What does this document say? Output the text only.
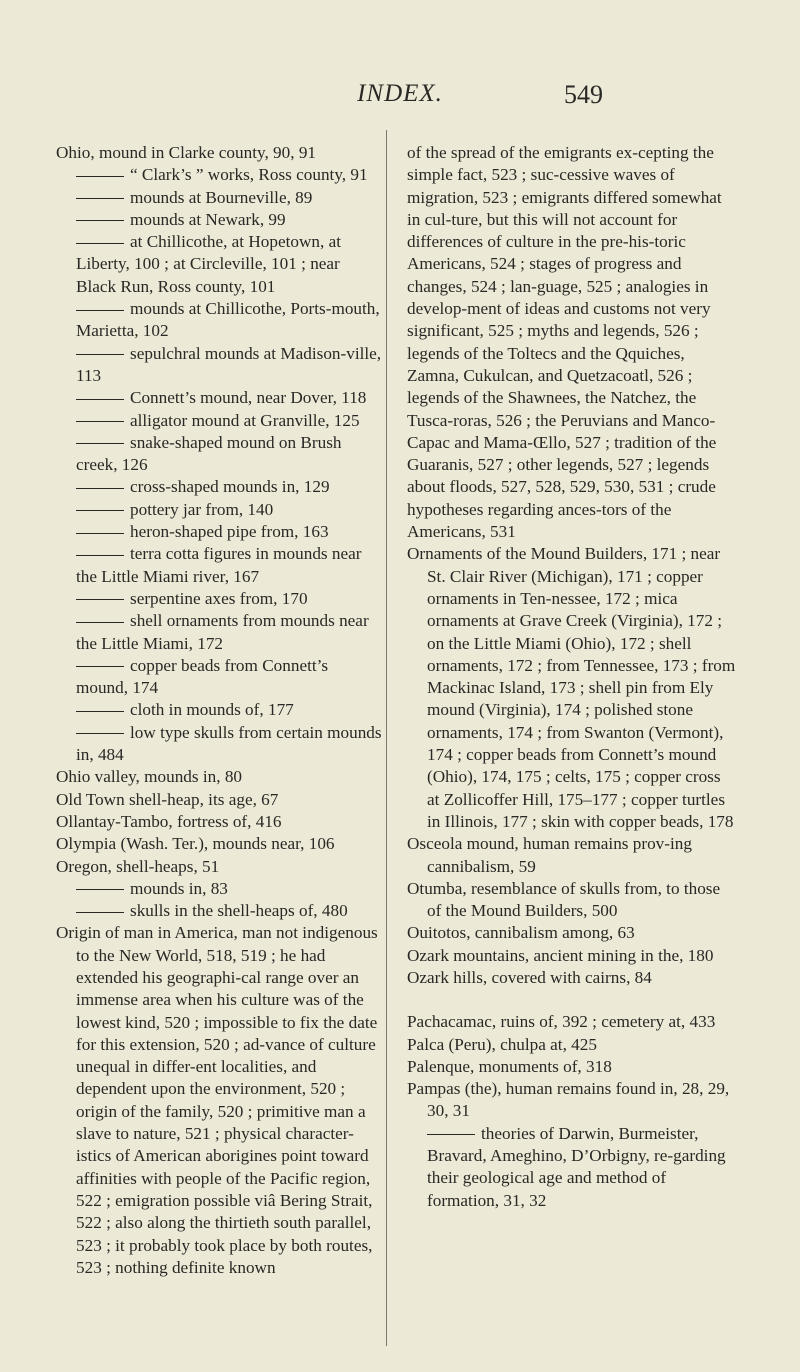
INDEX.	549

Ohio, mound in Clarke county, 90, 91

“ Clark’s ” works, Ross county, 91

mounds at Bourneville, 89

mounds at Newark, 99

at Chillicothe, at Hopetown, at Liberty, 100 ; at Circleville, 101 ; near Black Run, Ross county, 101

mounds at Chillicothe, Ports-mouth, Marietta, 102

sepulchral mounds at Madison-ville, 113

Connett’s mound, near Dover, 118

alligator mound at Granville, 125

snake-shaped mound on Brush creek, 126

cross-shaped mounds in, 129

pottery jar from, 140

heron-shaped pipe from, 163

terra cotta figures in mounds near the Little Miami river, 167

serpentine axes from, 170

shell ornaments from mounds near the Little Miami, 172

copper beads from Connett’s mound, 174

cloth in mounds of, 177

low type skulls from certain mounds in, 484

Ohio valley, mounds in, 80

Old Town shell-heap, its age, 67

Ollantay-Tambo, fortress of, 416

Olympia (Wash. Ter.), mounds near, 106

Oregon, shell-heaps, 51

mounds in, 83

skulls in the shell-heaps of, 480

Origin of man in America, man not indigenous to the New World, 518, 519 ; he had extended his geographi-cal range over an immense area when his culture was of the lowest kind, 520 ; impossible to fix the date for this extension, 520 ; ad-vance of culture unequal in differ-ent localities, and dependent upon the environment, 520 ; origin of the family, 520 ; primitive man a slave to nature, 521 ; physical character-istics of American aborigines point toward affinities with people of the Pacific region, 522 ; emigration possible viâ Bering Strait, 522 ; also along the thirtieth south parallel, 523 ; it probably took place by both routes, 523 ; nothing definite known

of the spread of the emigrants ex-cepting the simple fact, 523 ; suc-cessive waves of migration, 523 ; emigrants differed somewhat in cul-ture, but this will not account for differences of culture in the pre-his-toric Americans, 524 ; stages of progress and changes, 524 ; lan-guage, 525 ; analogies in develop-ment of ideas and customs not very significant, 525 ; myths and legends, 526 ; legends of the Toltecs and the Qquiches, Zamna, Cukulcan, and Quetzacoatl, 526 ; legends of the Shawnees, the Natchez, the Tusca-roras, 526 ; the Peruvians and Manco-Capac and Mama-Œllo, 527 ; tradition of the Guaranis, 527 ; other legends, 527 ; legends about floods, 527, 528, 529, 530, 531 ; crude hypotheses regarding ances-tors of the Americans, 531

Ornaments of the Mound Builders, 171 ; near St. Clair River (Michigan), 171 ; copper ornaments in Ten-nessee, 172 ; mica ornaments at Grave Creek (Virginia), 172 ; on the Little Miami (Ohio), 172 ; shell ornaments, 172 ; from Tennessee, 173 ; from Mackinac Island, 173 ; shell pin from Ely mound (Virginia), 174 ; polished stone ornaments, 174 ; from Swanton (Vermont), 174 ; copper beads from Connett’s mound (Ohio), 174, 175 ; celts, 175 ; copper cross at Zollicoffer Hill, 175–177 ; copper turtles in Illinois, 177 ; skin with copper beads, 178

Osceola mound, human remains prov-ing cannibalism, 59

Otumba, resemblance of skulls from, to those of the Mound Builders, 500

Ouitotos, cannibalism among, 63

Ozark mountains, ancient mining in the, 180

Ozark hills, covered with cairns, 84

Pachacamac, ruins of, 392 ; cemetery at, 433

Palca (Peru), chulpa at, 425

Palenque, monuments of, 318

Pampas (the), human remains found in, 28, 29, 30, 31

theories of Darwin, Burmeister, Bravard, Ameghino, D’Orbigny, re-garding their geological age and method of formation, 31, 32
